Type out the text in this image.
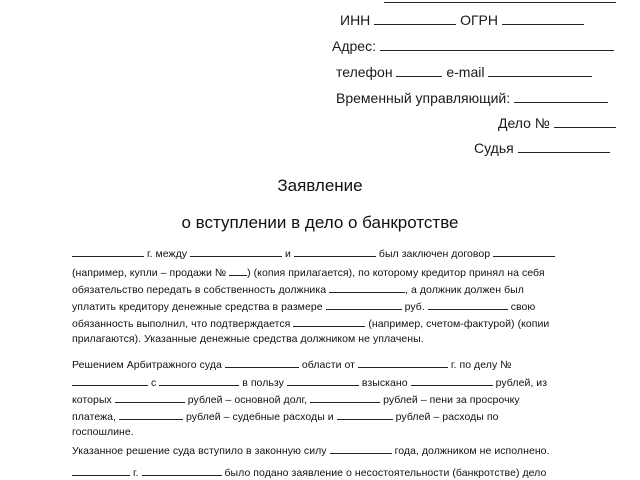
ИНН	ОГРН
Адрес:
телефон	e-mail
Временный управляющий:
Дело №
Судья
Заявление
о вступлении в дело о банкротстве
г. между	и	был заключен договор
(например, купли – продажи № ) (копия прилагается), по которому кредитор принял на себя
обязательство передать в собственность должника	, а должник должен был
уплатить кредитору денежные средства в размере	руб.	свою
обязанность выполнил, что подтверждается	(например, счетом-фактурой) (копии
прилагаются). Указанные денежные средства должником не уплачены.
Решением Арбитражного суда	области от	г. по делу №
с	в пользу	взыскано	рублей, из
которых	рублей – основной долг,	рублей – пени за просрочку
платежа,	рублей – судебные расходы и	рублей – расходы по
госпошлине.
Указанное решение суда вступило в законную силу	года, должником не исполнено.
г.	было подано заявление о несостоятельности (банкротстве) дело
